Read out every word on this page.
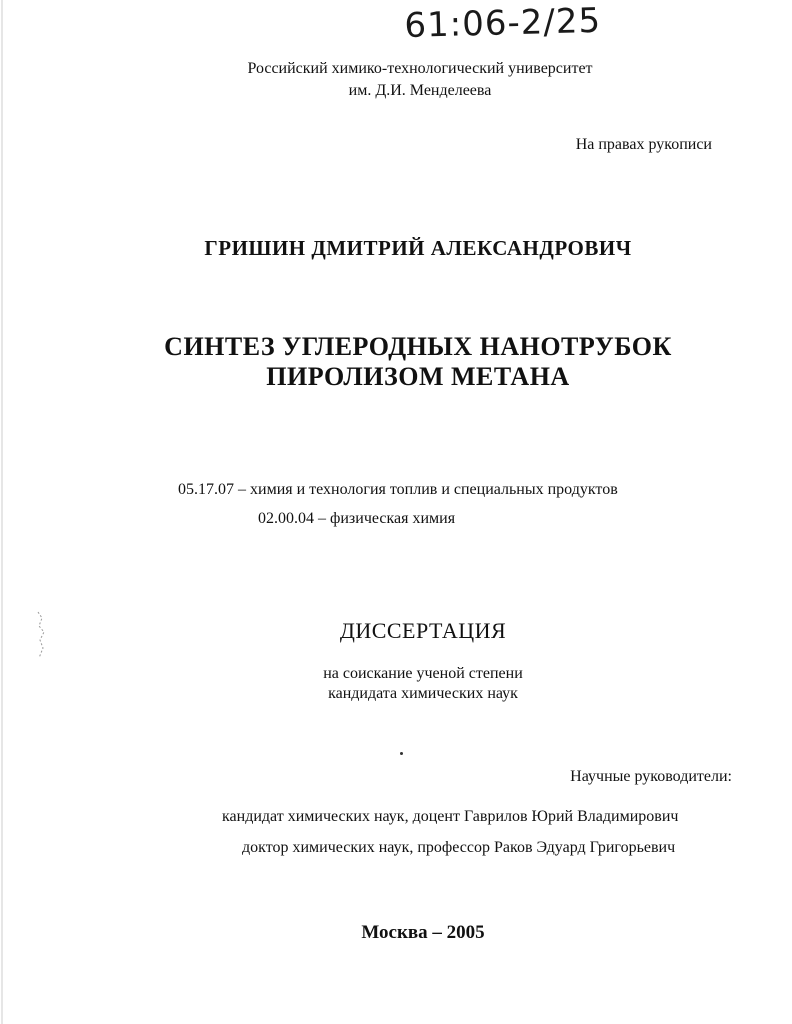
61:06-2/25
Российский химико-технологический университет
им. Д.И. Менделеева
На правах рукописи
ГРИШИН ДМИТРИЙ АЛЕКСАНДРОВИЧ
СИНТЕЗ УГЛЕРОДНЫХ НАНОТРУБОК
ПИРОЛИЗОМ МЕТАНА
05.17.07 – химия и технология топлив и специальных продуктов
02.00.04 – физическая химия
ДИССЕРТАЦИЯ
на соискание ученой степени
кандидата химических наук
Научные руководители:
кандидат химических наук, доцент Гаврилов Юрий Владимирович
доктор химических наук, профессор Раков Эдуард Григорьевич
Москва – 2005
